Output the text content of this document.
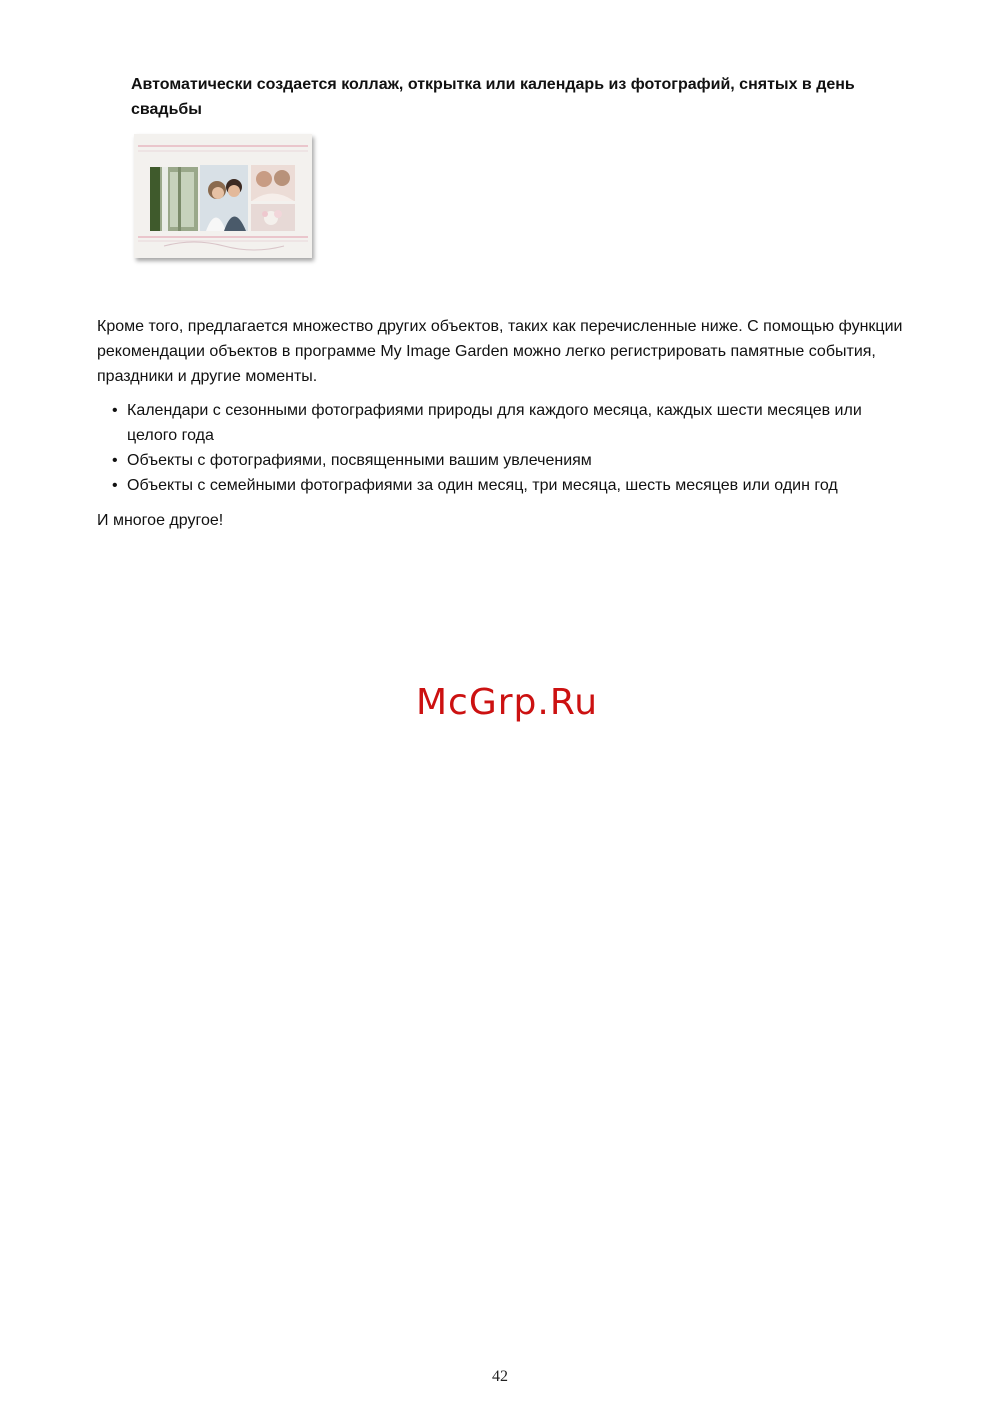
Автоматически создается коллаж, открытка или календарь из фотографий, снятых в день свадьбы

Кроме того, предлагается множество других объектов, таких как перечисленные ниже. С помощью функции рекомендации объектов в программе My Image Garden можно легко регистрировать памятные события, праздники и другие моменты.

• Календари с сезонными фотографиями природы для каждого месяца, каждых шести месяцев или целого года
• Объекты с фотографиями, посвященными вашим увлечениям
• Объекты с семейными фотографиями за один месяц, три месяца, шесть месяцев или один год

И многое другое!

McGrp.Ru
42
